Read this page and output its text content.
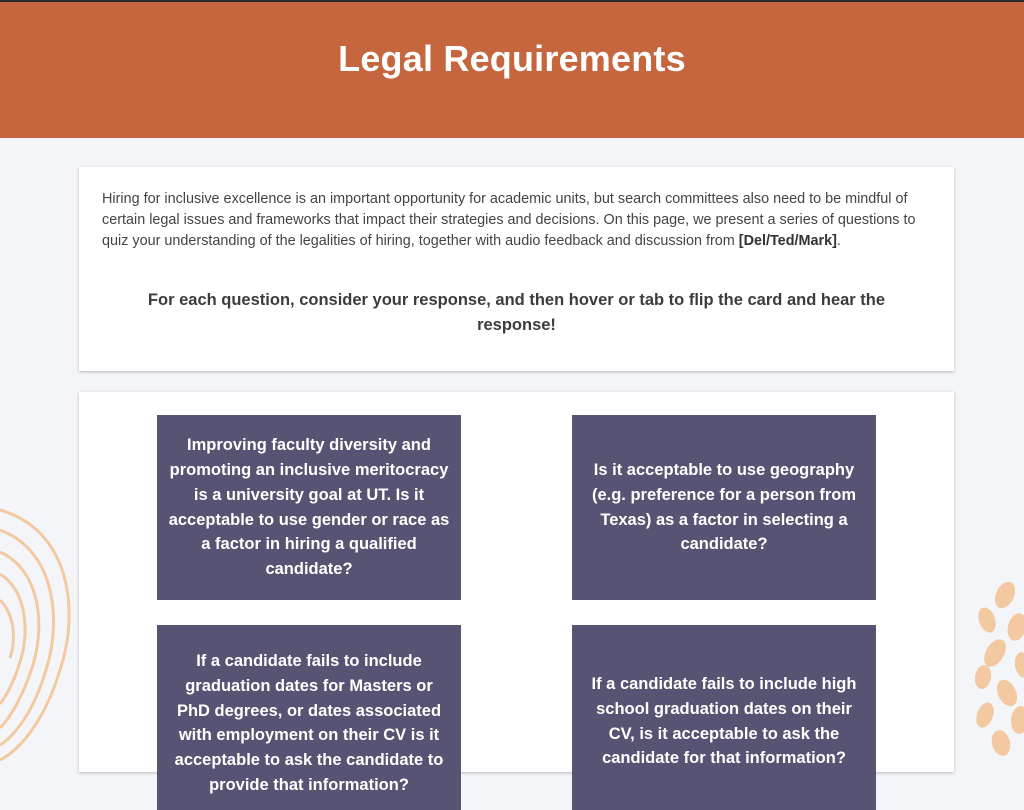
Legal Requirements

Hiring for inclusive excellence is an important opportunity for academic units, but search committees also need to be mindful of certain legal issues and frameworks that impact their strategies and decisions. On this page, we present a series of questions to quiz your understanding of the legalities of hiring, together with audio feedback and discussion from [Del/Ted/Mark].

For each question, consider your response, and then hover or tab to flip the card and hear the response!

Improving faculty diversity and promoting an inclusive meritocracy is a university goal at UT. Is it acceptable to use gender or race as a factor in hiring a qualified candidate?

Is it acceptable to use geography (e.g. preference for a person from Texas) as a factor in selecting a candidate?

If a candidate fails to include graduation dates for Masters or PhD degrees, or dates associated with employment on their CV is it acceptable to ask the candidate to provide that information?

If a candidate fails to include high school graduation dates on their CV, is it acceptable to ask the candidate for that information?
